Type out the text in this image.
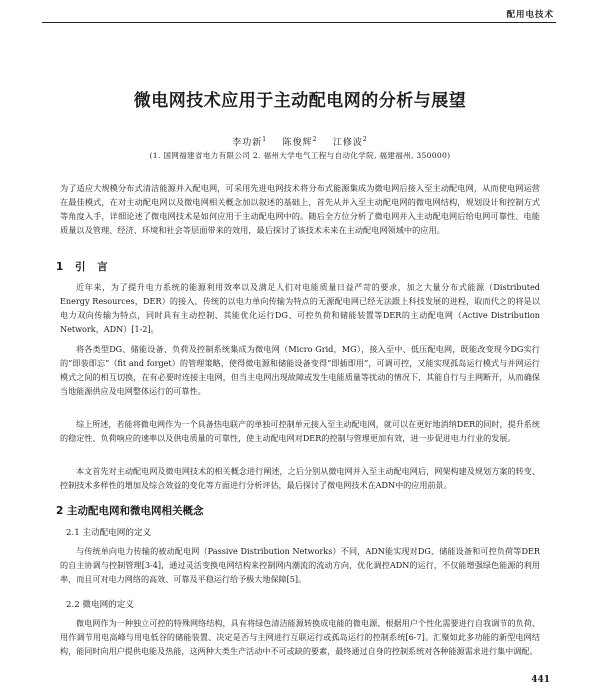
配用电技术
微电网技术应用于主动配电网的分析与展望
李功新$^1$ 陈俊辉$^2$ 江修波$^2$
(1. 国网福建省电力有限公司 2. 福州大学电气工程与自动化学院, 福建福州, 350000)
为了适应大规模分布式清洁能源并入配电网，可采用先进电网技术将分布式能源集成为微电网后接入至主动配电网，从而使电网运营在最佳模式，在对主动配电网以及微电网相关概念加以叙述的基础上，首先从并入至主动配电网的微电网结构，规划设计和控制方式等角度入手，详细论述了微电网技术是如何应用于主动配电网中的。随后全方位分析了微电网并入主动配电网后给电网可靠性、电能质量以及管理、经济、环境和社会等层面带来的效用，最后探讨了该技术未来在主动配电网领域中的应用。
1 引 言
近年来，为了提升电力系统的能源利用效率以及满足人们对电能质量日益严苛的要求，加之大量分布式能源（Distributed Energy Resources，DER）的接入，传统的以电力单向传输为特点的无源配电网已经无法跟上科技发展的进程，取而代之的将是以电力双向传输为特点，同时具有主动控制、其能优化运行DG、可控负荷和储能装置等DER的主动配电网（Active Distribution Network，ADN）[1-2]。
将各类型DG、储能设备、负荷及控制系统集成为微电网（Micro Grid，MG），接入至中、低压配电网，既能改变现今DG实行的“即装即忘”（fit and forget）的管理策略，使得微电源和储能设备变得“即插即用”，可调可控，又能实现孤岛运行模式与并网运行模式之间的相互切换，在有必要时连接主电网，但当主电网出现故障或发生电能质量等扰动的情况下，其能自行与主网断开，从而确保当地能源供应及电网整体运行的可靠性。
综上所述，若能将微电网作为一个具备热电联产的单独可控制单元接入至主动配电网，就可以在更好地消纳DER的同时，提升系统的稳定性、负荷响应的速率以及供电质量的可靠性，使主动配电网对DER的控制与管理更加有效，进一步促进电力行业的发展。
本文首先对主动配电网及微电网技术的相关概念进行阐述，之后分别从微电网并入至主动配电网后，网架构建及规划方案的转变、控制技术多样性的增加及综合效益的变化等方面进行分析评估，最后探讨了微电网技术在ADN中的应用前景。
2 主动配电网和微电网相关概念
2.1 主动配电网的定义
与传统单向电力传输的被动配电网（Passive Distribution Networks）不同，ADN能实现对DG、储能设备和可控负荷等DER的自主协调与控制管理[3-4]，通过灵活变换电网结构来控制网内潮流的流动方向，优化调控ADN的运行，不仅能增强绿色能源的利用率，而且可对电力网络的高效、可靠及平稳运行给予极大地保障[5]。
2.2 微电网的定义
微电网作为一种独立可控的特殊网络结构，具有将绿色清洁能源转换成电能的微电源、根据用户个性化需要进行自我调节的负荷、用作调节用电高峰与用电低谷的储能装置、决定是否与主网进行互联运行或孤岛运行的控制系统[6-7]。汇聚如此多功能的新型电网结构，能同时向用户提供电能及热能，这两种大类生产活动中不可或缺的要素，最终通过自身的控制系统对各种能源需求进行集中调配。
441
